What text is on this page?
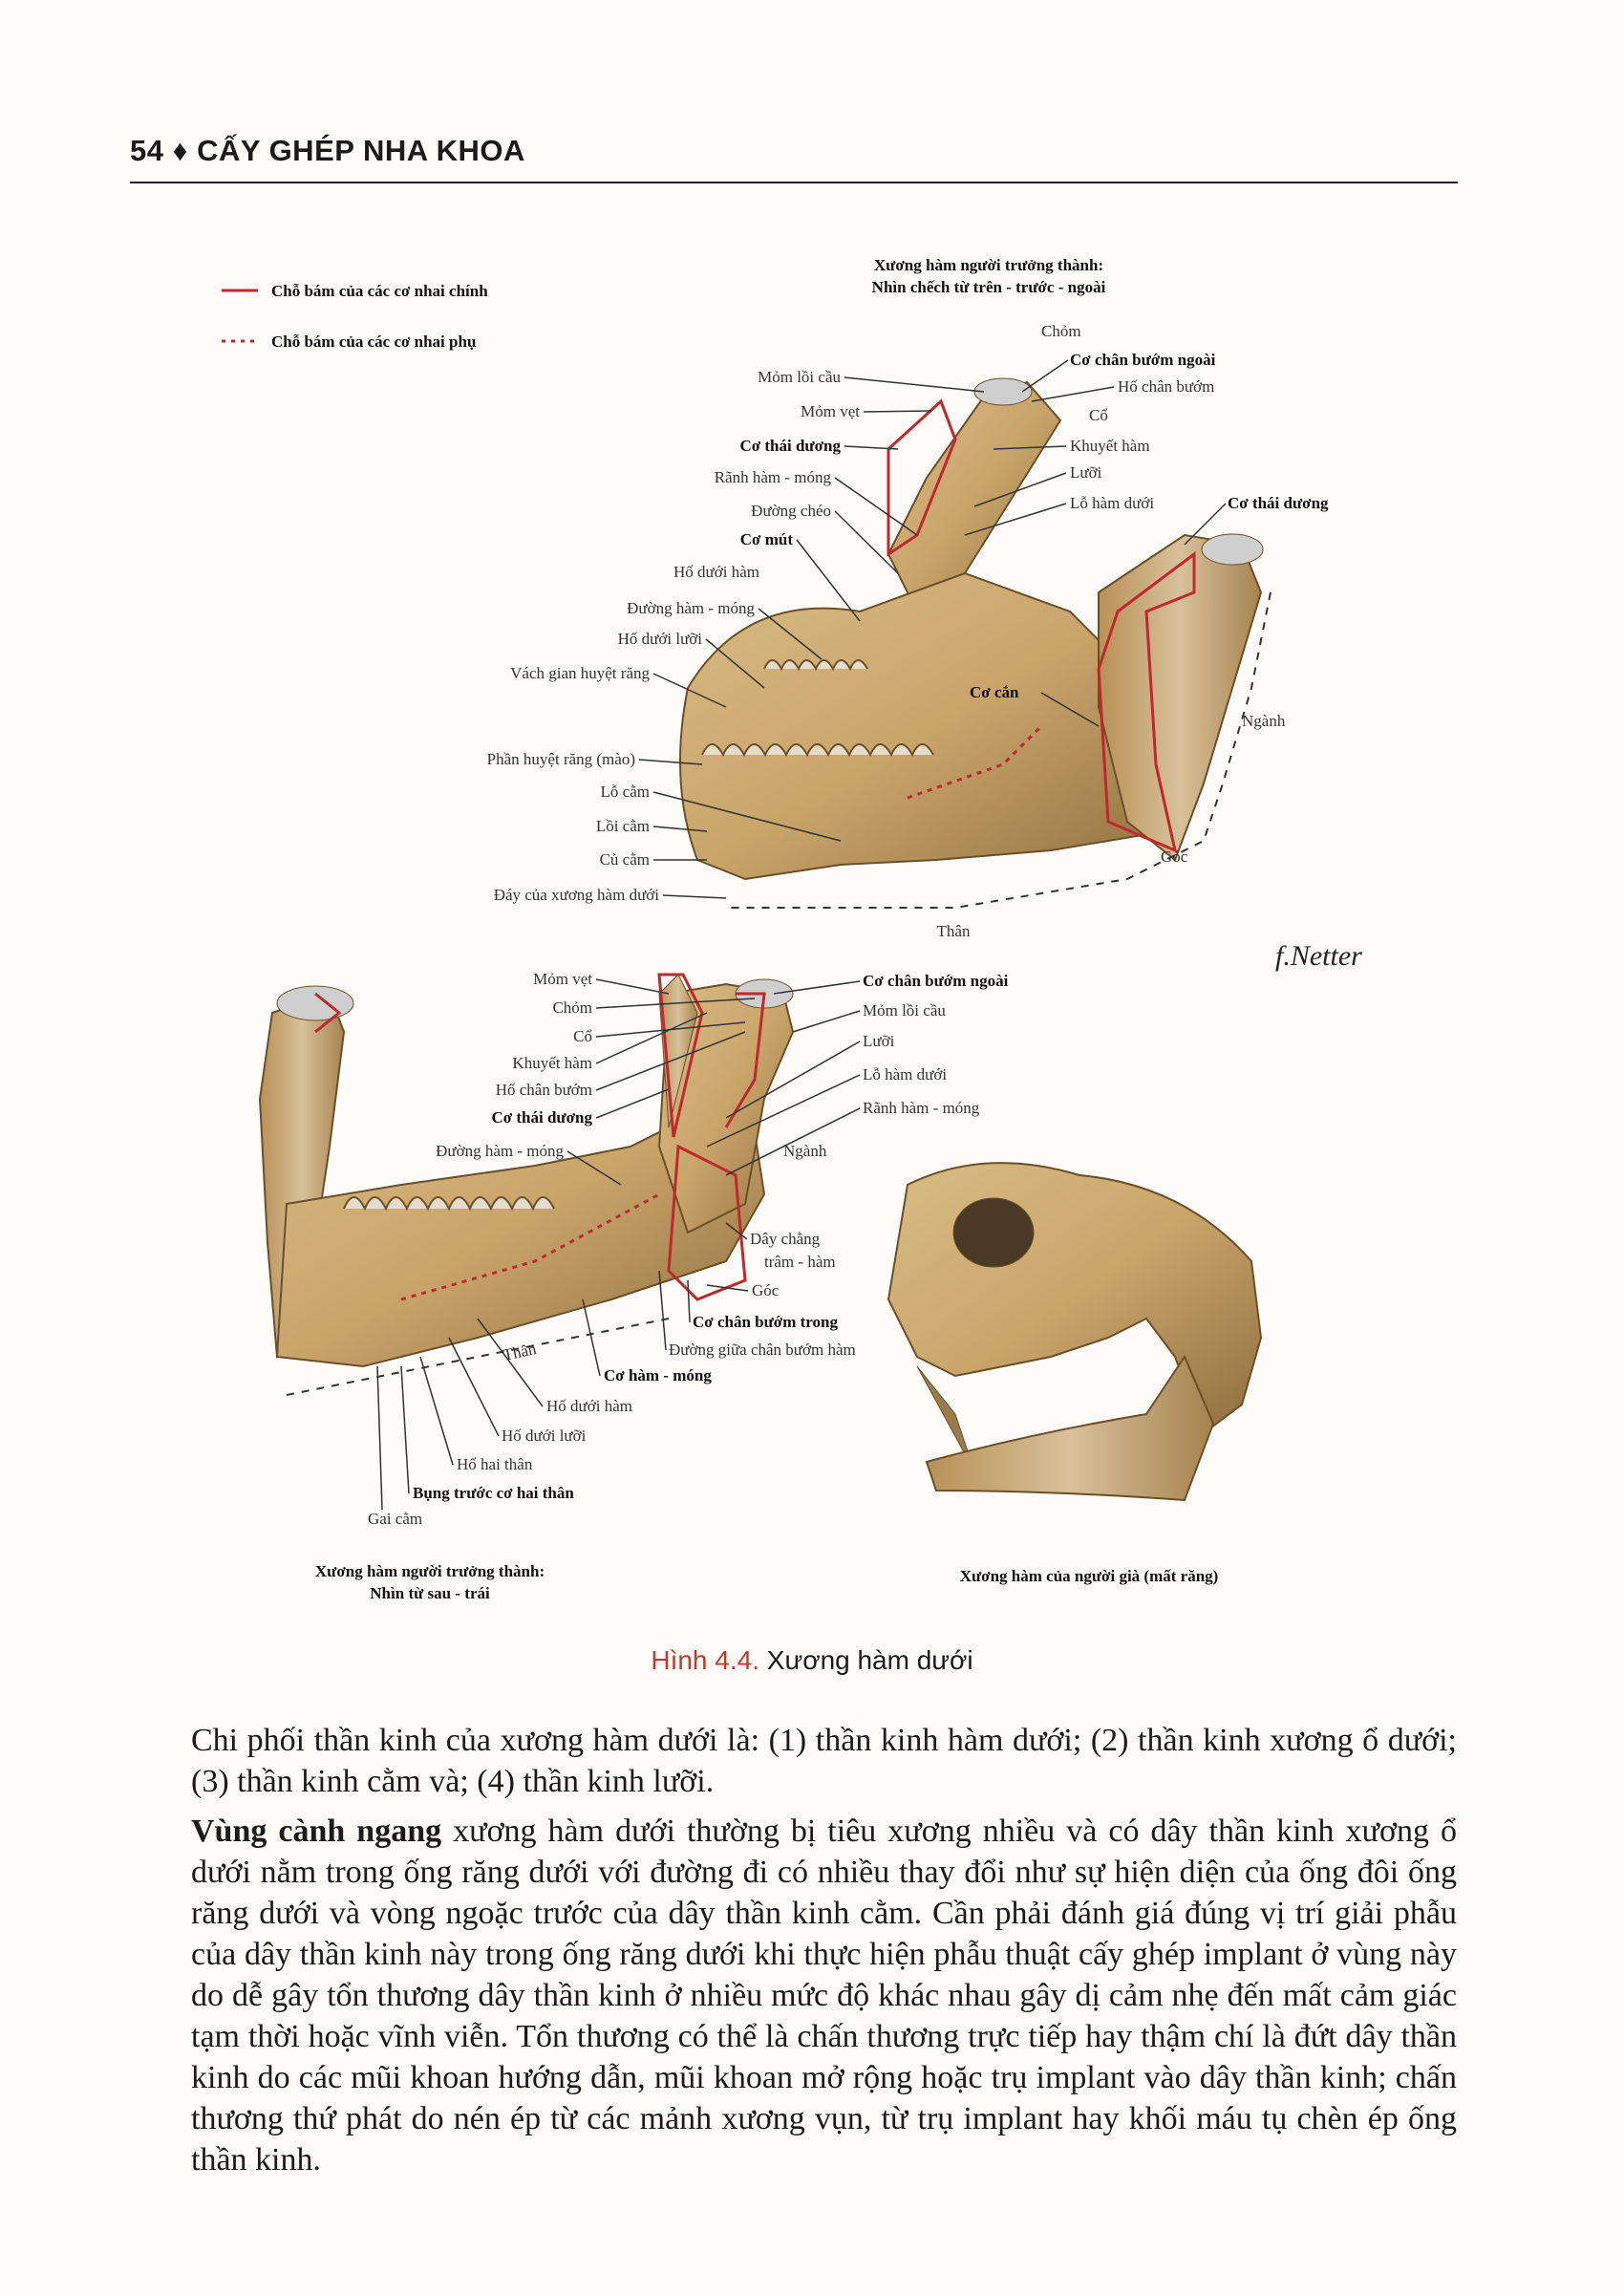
54 ♦ CẤY GHÉP NHA KHOA
Chỗ bám của các cơ nhai chính
Chỗ bám của các cơ nhai phụ
Xương hàm người trưởng thành:
Nhìn chếch từ trên - trước - ngoài
Mỏm lồi cầu
Mỏm vẹt
Cơ thái dương
Rãnh hàm - móng
Đường chéo
Cơ mút
Hố dưới hàm
Đường hàm - móng
Hố dưới lưỡi
Vách gian huyệt răng
Phần huyệt răng (mào)
Lỗ cằm
Lồi cằm
Củ cằm
Đáy của xương hàm dưới
Chỏm
Cơ chân bướm ngoài
Hố chân bướm
Cổ
Khuyết hàm
Lưỡi
Lỗ hàm dưới	Cơ thái dương
Ngành
Góc
Cơ cắn
Thân
f.Netter
Mỏm vẹt
Chỏm
Cổ
Khuyết hàm
Hố chân bướm
Cơ thái dương
Đường hàm - móng
Cơ chân bướm ngoài
Mỏm lồi cầu
Lưỡi
Lỗ hàm dưới
Rãnh hàm - móng
Ngành
Dây chằng
trâm - hàm
Góc
Cơ chân bướm trong
Đường giữa chân bướm hàm
Cơ hàm - móng
Hố dưới hàm
Hố dưới lưỡi
Hố hai thân
Bụng trước cơ hai thân
Gai cằm
Thân
Xương hàm người trưởng thành:
Nhìn từ sau - trái
Xương hàm của người già (mất răng)
Hình 4.4. Xương hàm dưới

Chi phối thần kinh của xương hàm dưới là: (1) thần kinh hàm dưới; (2) thần kinh xương ổ dưới; (3) thần kinh cằm và; (4) thần kinh lưỡi.

Vùng cành ngang xương hàm dưới thường bị tiêu xương nhiều và có dây thần kinh xương ổ dưới nằm trong ống răng dưới với đường đi có nhiều thay đổi như sự hiện diện của ống đôi ống răng dưới và vòng ngoặc trước của dây thần kinh cằm. Cần phải đánh giá đúng vị trí giải phẫu của dây thần kinh này trong ống răng dưới khi thực hiện phẫu thuật cấy ghép implant ở vùng này do dễ gây tổn thương dây thần kinh ở nhiều mức độ khác nhau gây dị cảm nhẹ đến mất cảm giác tạm thời hoặc vĩnh viễn. Tổn thương có thể là chấn thương trực tiếp hay thậm chí là đứt dây thần kinh do các mũi khoan hướng dẫn, mũi khoan mở rộng hoặc trụ implant vào dây thần kinh; chấn thương thứ phát do nén ép từ các mảnh xương vụn, từ trụ implant hay khối máu tụ chèn ép ống thần kinh.
